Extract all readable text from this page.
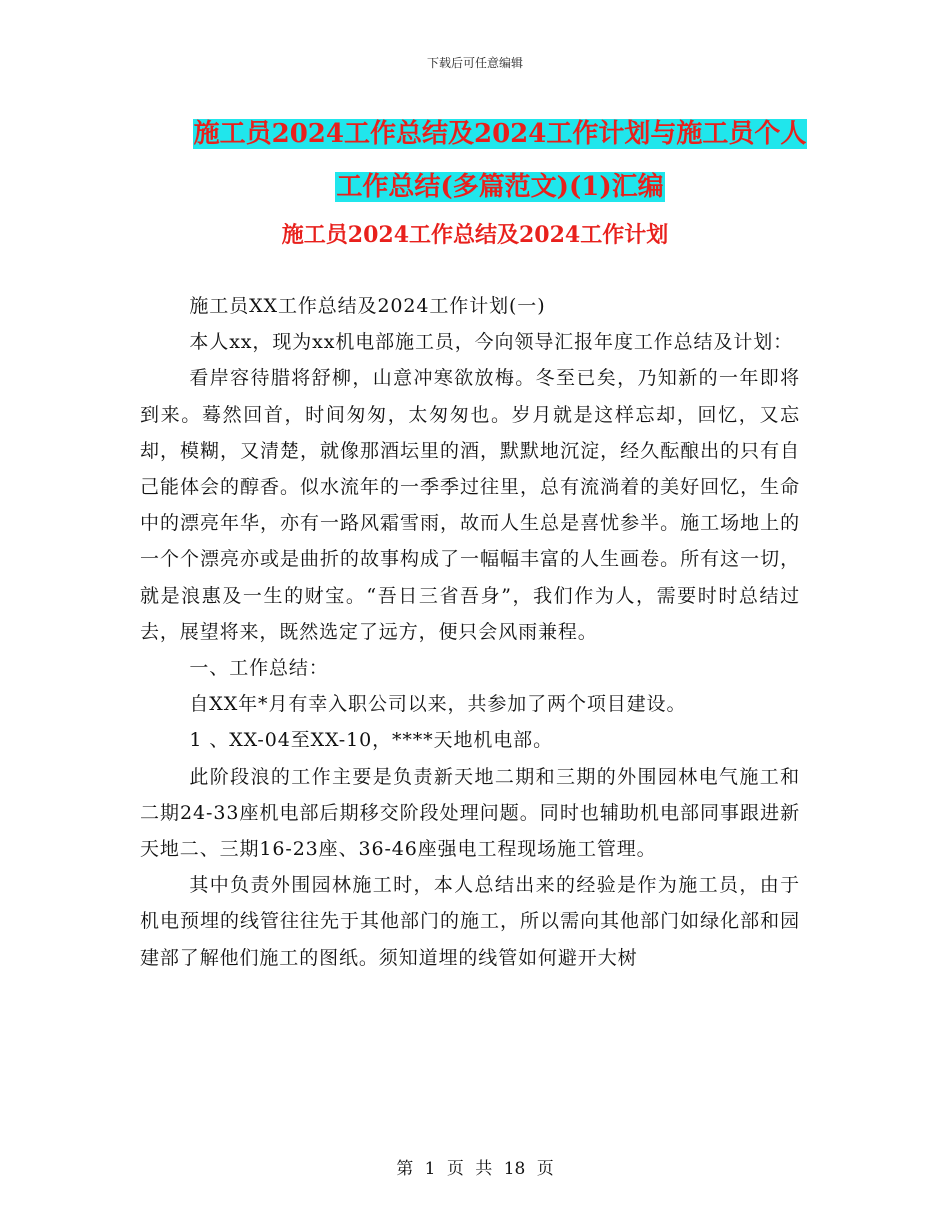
下载后可任意编辑
施工员2024工作总结及2024工作计划与施工员个人
工作总结(多篇范文)(1)汇编
施工员2024工作总结及2024工作计划

施工员XX工作总结及2024工作计划(一)

本人xx，现为xx机电部施工员，今向领导汇报年度工作总结及计划：

看岸容待腊将舒柳，山意冲寒欲放梅。冬至已矣，乃知新的一年即将到来。蓦然回首，时间匆匆，太匆匆也。岁月就是这样忘却，回忆，又忘却，模糊，又清楚，就像那酒坛里的酒，默默地沉淀，经久酝酿出的只有自己能体会的醇香。似水流年的一季季过往里，总有流淌着的美好回忆，生命中的漂亮年华，亦有一路风霜雪雨，故而人生总是喜忧参半。施工场地上的一个个漂亮亦或是曲折的故事构成了一幅幅丰富的人生画卷。所有这一切，就是浪惠及一生的财宝。“吾日三省吾身”，我们作为人，需要时时总结过去，展望将来，既然选定了远方，便只会风雨兼程。

一、工作总结：

自XX年*月有幸入职公司以来，共参加了两个项目建设。

1 、XX-04至XX-10，****天地机电部。

此阶段浪的工作主要是负责新天地二期和三期的外围园林电气施工和二期24-33座机电部后期移交阶段处理问题。同时也辅助机电部同事跟进新天地二、三期16-23座、36-46座强电工程现场施工管理。

其中负责外围园林施工时，本人总结出来的经验是作为施工员，由于机电预埋的线管往往先于其他部门的施工，所以需向其他部门如绿化部和园建部了解他们施工的图纸。须知道埋的线管如何避开大树

第 1 页 共 18 页
